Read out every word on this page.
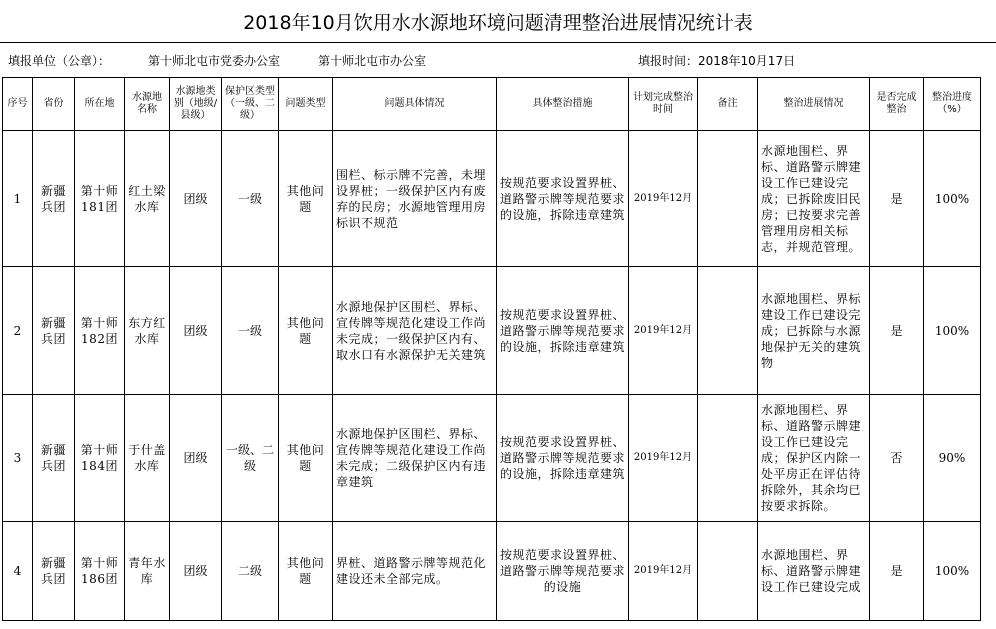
2018年10月饮用水水源地环境问题清理整治进展情况统计表
填报单位（公章）：	第十师北屯市党委办公室	第十师北屯市办公室	填报时间：2018年10月17日
序号	省份	所在地	水源地名称	水源地类别（地级/县级）	保护区类型（一级、二级）	问题类型	问题具体情况	具体整治措施	计划完成整治时间	备注	整治进展情况	是否完成整治	整治进度（%）
1	新疆兵团	第十师181团	红土梁水库	团级	一级	其他问题	围栏、标示牌不完善，未埋设界桩；一级保护区内有废弃的民房；水源地管理用房标识不规范	按规范要求设置界桩、道路警示牌等规范要求的设施，拆除违章建筑	2019年12月		水源地围栏、界标、道路警示牌建设工作已建设完成；已拆除废旧民房；已按要求完善管理用房相关标志，并规范管理。	是	100%
2	新疆兵团	第十师182团	东方红水库	团级	一级	其他问题	水源地保护区围栏、界标、宣传牌等规范化建设工作尚未完成；一级保护区内有、取水口有水源保护无关建筑	按规范要求设置界桩、道路警示牌等规范要求的设施，拆除违章建筑	2019年12月		水源地围栏、界标建设工作已建设完成；已拆除与水源地保护无关的建筑物	是	100%
3	新疆兵团	第十师184团	于什盖水库	团级	一级、二级	其他问题	水源地保护区围栏、界标、宣传牌等规范化建设工作尚未完成；二级保护区内有违章建筑	按规范要求设置界桩、道路警示牌等规范要求的设施，拆除违章建筑	2019年12月		水源地围栏、界标、道路警示牌建设工作已建设完成；保护区内除一处平房正在评估待拆除外，其余均已按要求拆除。	否	90%
4	新疆兵团	第十师186团	青年水库	团级	二级	其他问题	界桩、道路警示牌等规范化建设还未全部完成。	按规范要求设置界桩、道路警示牌等规范要求的设施	2019年12月		水源地围栏、界标、道路警示牌建设工作已建设完成	是	100%
